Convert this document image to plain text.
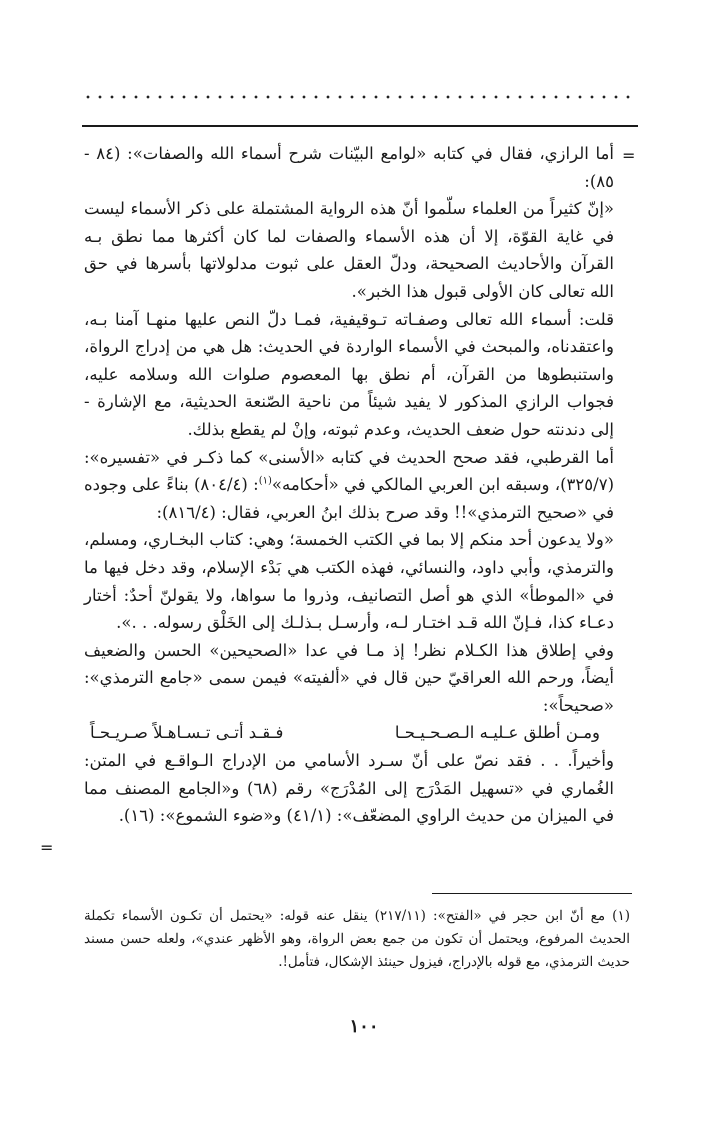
=
=

أما الرازي، فقال في كتابه «لوامع البيّنات شرح أسماء الله والصفات»: (٨٤ - ٨٥):

«إنّ كثيراً من العلماء سلّموا أنّ هذه الرواية المشتملة على ذكر الأسماء ليست في غاية القوّة، إلا أن هذه الأسماء والصفات لما كان أكثرها مما نطق بـه القرآن والأحاديث الصحيحة، ودلّ العقل على ثبوت مدلولاتها بأسرها في حق الله تعالى كان الأولى قبول هذا الخبر».

قلت: أسماء الله تعالى وصفـاته تـوقيفية، فمـا دلّ النص عليها منهـا آمنا بـه، واعتقدناه، والمبحث في الأسماء الواردة في الحديث: هل هي من إدراج الرواة، واستنبطوها من القرآن، أم نطق بها المعصوم صلوات الله وسلامه عليه، فجواب الرازي المذكور لا يفيد شيئاً من ناحية الصّنعة الحديثية، مع الإشارة - إلى دندنته حول ضعف الحديث، وعدم ثبوته، وإنْ لم يقطع بذلك.

أما القرطبي، فقد صحح الحديث في كتابه «الأسنى» كما ذكـر في «تفسيره»: (٣٢٥/٧)، وسبقه ابن العربي المالكي في «أحكامه»$^{(١)}$: (٨٠٤/٤) بناءً على وجوده في «صحيح الترمذي»!! وقد صرح بذلك ابنُ العربي، فقال: (٨١٦/٤):

«ولا يدعون أحد منكم إلا بما في الكتب الخمسة؛ وهي: كتاب البخـاري، ومسلم، والترمذي، وأبي داود، والنسائي، فهذه الكتب هي بَدْء الإسلام، وقد دخل فيها ما في «الموطأ» الذي هو أصل التصانيف، وذروا ما سواها، ولا يقولنّ أحدٌ: أختار دعـاء كذا، فـإنّ الله قـد اختـار لـه، وأرسـل بـذلـك إلى الخَلْق رسوله. . .».

وفي إطلاق هذا الكـلام نظر! إذ مـا في عدا «الصحيحين» الحسن والضعيف أيضاً، ورحم الله العراقيّ حين قال في «ألفيته» فيمن سمى «جامع الترمذي»: «صحيحاً»:

ومـن أطلق عـليـه الـصـحـيـحـا
فـقـد أتـى تـسـاهـلاً صـريـحـاً

وأخيراً. . . فقد نصّ على أنّ سـرد الأسامي من الإدراج الـواقـع في المتن: الغُماري في «تسهيل المَدْرَج إلى المُدْرَج» رقم (٦٨) و«الجامع المصنف مما في الميزان من حديث الراوي المضعّف»: (٤١/١) و«ضوء الشموع»: (١٦).

(١) مع أنّ ابن حجر في «الفتح»: (٢١٧/١١) ينقل عنه قوله: «يحتمل أن تكـون الأسماء تكملة الحديث المرفوع، ويحتمل أن تكون من جمع بعض الرواة، وهو الأظهر عندي»، ولعله حسن مسند حديث الترمذي، مع قوله بالإدراج، فيزول حينئذ الإشكال، فتأمل!.

١٠٠
